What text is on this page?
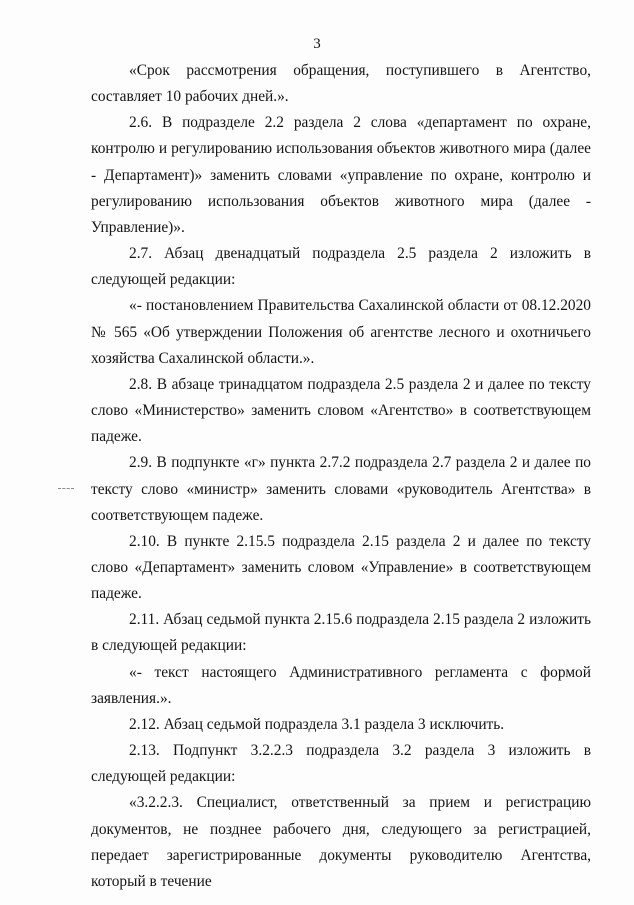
3

«Срок рассмотрения обращения, поступившего в Агентство, составляет 10 рабочих дней.».

2.6. В подразделе 2.2 раздела 2 слова «департамент по охране, контролю и регулированию использования объектов животного мира (далее - Департамент)» заменить словами «управление по охране, контролю и регулированию использования объектов животного мира (далее - Управление)».

2.7. Абзац двенадцатый подраздела 2.5 раздела 2 изложить в следующей редакции:

«- постановлением Правительства Сахалинской области от 08.12.2020 № 565 «Об утверждении Положения об агентстве лесного и охотничьего хозяйства Сахалинской области.».

2.8. В абзаце тринадцатом подраздела 2.5 раздела 2 и далее по тексту слово «Министерство» заменить словом «Агентство» в соответствующем падеже.

2.9. В подпункте «г» пункта 2.7.2 подраздела 2.7 раздела 2 и далее по тексту слово «министр» заменить словами «руководитель Агентства» в соответствующем падеже.

2.10. В пункте 2.15.5 подраздела 2.15 раздела 2 и далее по тексту слово «Департамент» заменить словом «Управление» в соответствующем падеже.

2.11. Абзац седьмой пункта 2.15.6 подраздела 2.15 раздела 2 изложить в следующей редакции:

«- текст настоящего Административного регламента с формой заявления.».

2.12. Абзац седьмой подраздела 3.1 раздела 3 исключить.

2.13. Подпункт 3.2.2.3 подраздела 3.2 раздела 3 изложить в следующей редакции:

«3.2.2.3. Специалист, ответственный за прием и регистрацию документов, не позднее рабочего дня, следующего за регистрацией, передает зарегистрированные документы руководителю Агентства, который в течение
